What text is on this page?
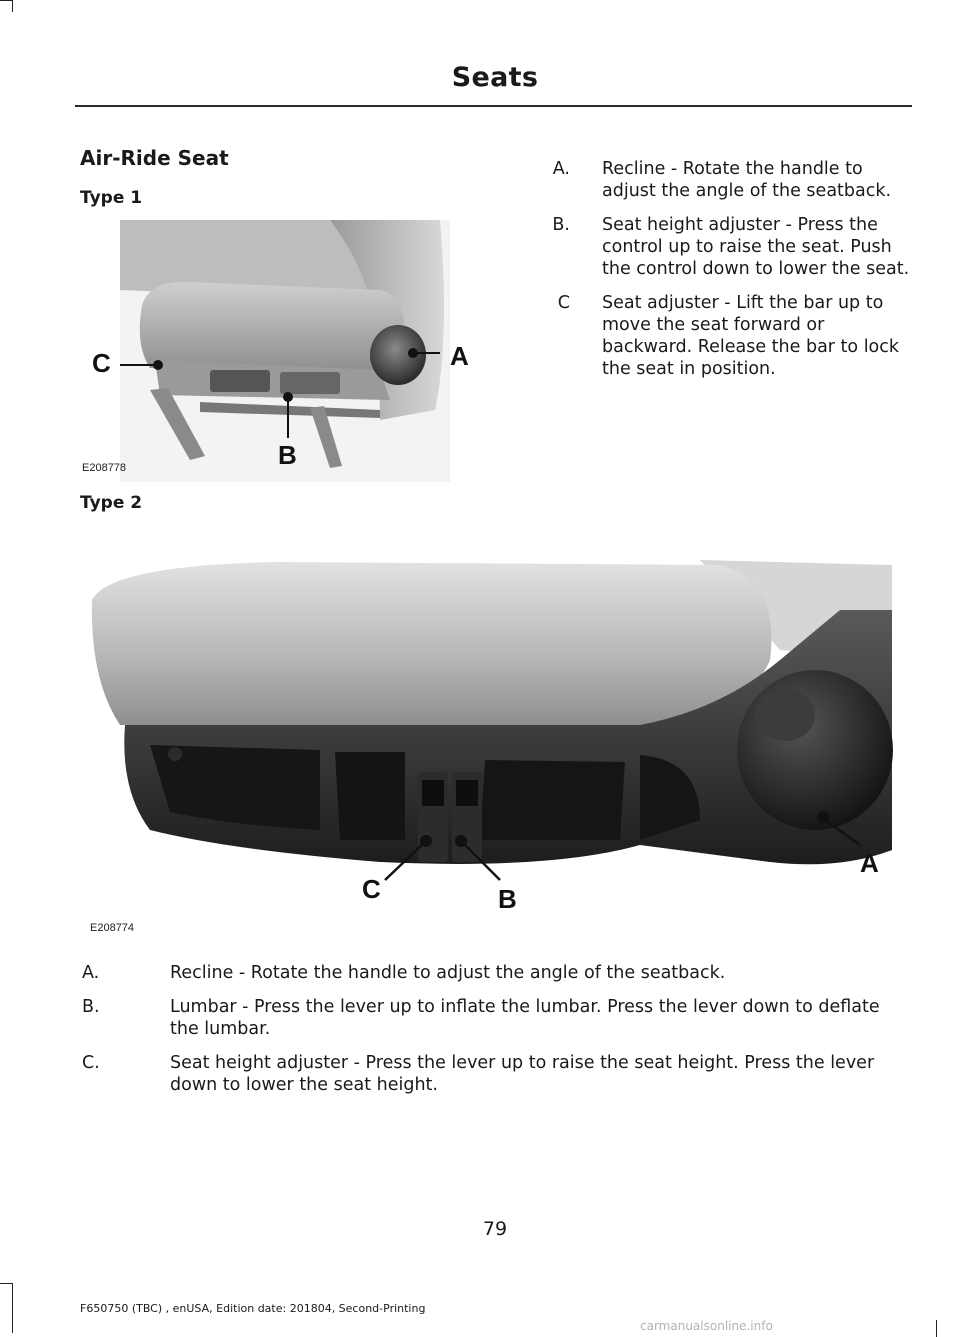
Seats
Air-Ride Seat
Type 1
C	A
B
E208778
A. Recline - Rotate the handle to adjust the angle of the seatback.
B. Seat height adjuster - Press the control up to raise the seat. Push the control down to lower the seat.
C Seat adjuster - Lift the bar up to move the seat forward or backward. Release the bar to lock the seat in position.
Type 2
C	B
A
E208774
A.	Recline - Rotate the handle to adjust the angle of the seatback.
B.	Lumbar - Press the lever up to inflate the lumbar. Press the lever down to deflate the lumbar.
C.	Seat height adjuster - Press the lever up to raise the seat height. Press the lever down to lower the seat height.
79
F650750 (TBC) , enUSA, Edition date: 201804, Second-Printing
carmanualsonline.info
